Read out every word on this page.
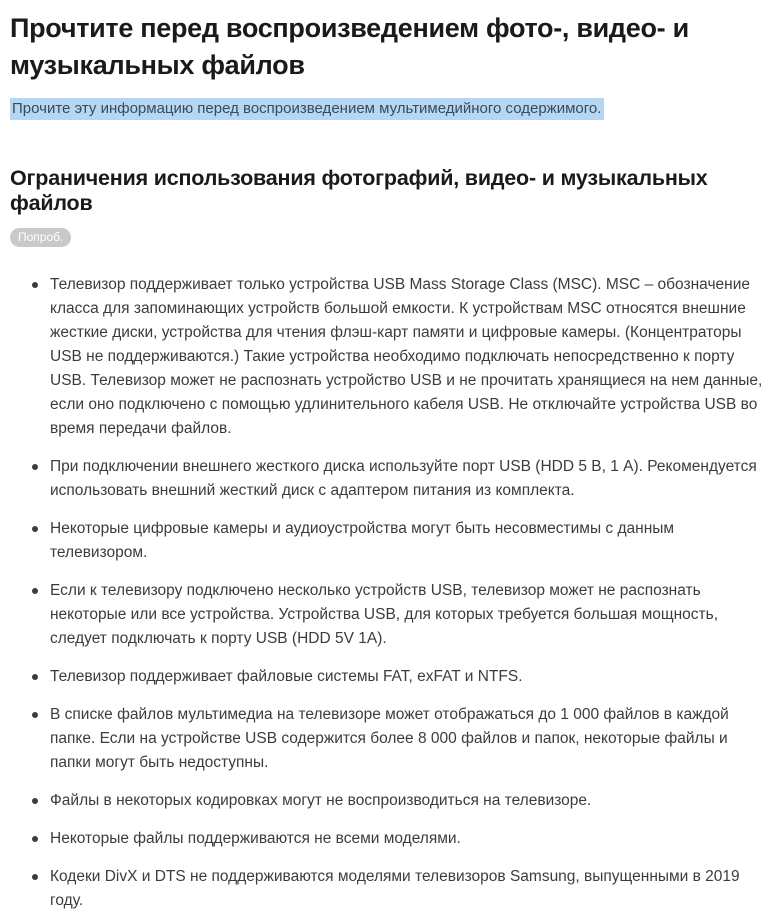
Прочтите перед воспроизведением фото-, видео- и музыкальных файлов
Прочите эту информацию перед воспроизведением мультимедийного содержимого.
Ограничения использования фотографий, видео- и музыкальных файлов
Попроб.
Телевизор поддерживает только устройства USB Mass Storage Class (MSC). MSC – обозначение класса для запоминающих устройств большой емкости. К устройствам MSC относятся внешние жесткие диски, устройства для чтения флэш-карт памяти и цифровые камеры. (Концентраторы USB не поддерживаются.) Такие устройства необходимо подключать непосредственно к порту USB. Телевизор может не распознать устройство USB и не прочитать хранящиеся на нем данные, если оно подключено с помощью удлинительного кабеля USB. Не отключайте устройства USB во время передачи файлов.
При подключении внешнего жесткого диска используйте порт USB (HDD 5 В, 1 А). Рекомендуется использовать внешний жесткий диск с адаптером питания из комплекта.
Некоторые цифровые камеры и аудиоустройства могут быть несовместимы с данным телевизором.
Если к телевизору подключено несколько устройств USB, телевизор может не распознать некоторые или все устройства. Устройства USB, для которых требуется большая мощность, следует подключать к порту USB (HDD 5V 1A).
Телевизор поддерживает файловые системы FAT, exFAT и NTFS.
В списке файлов мультимедиа на телевизоре может отображаться до 1 000 файлов в каждой папке. Если на устройстве USB содержится более 8 000 файлов и папок, некоторые файлы и папки могут быть недоступны.
Файлы в некоторых кодировках могут не воспроизводиться на телевизоре.
Некоторые файлы поддерживаются не всеми моделями.
Кодеки DivX и DTS не поддерживаются моделями телевизоров Samsung, выпущенными в 2019 году.
